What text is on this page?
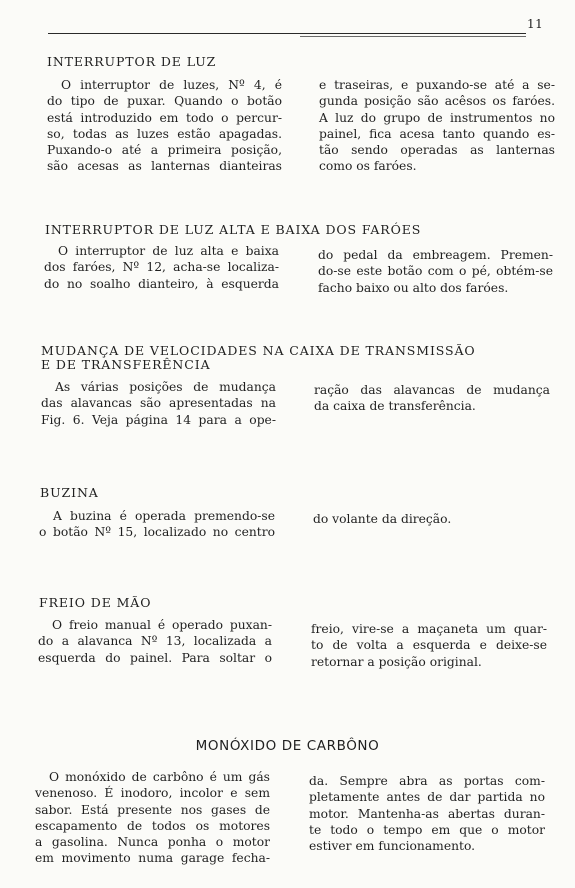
11
INTERRUPTOR DE LUZ
O interruptor de luzes, Nº 4, é
do tipo de puxar. Quando o botão
está introduzido em todo o percur-
so, todas as luzes estão apagadas.
Puxando-o até a primeira posição,
são acesas as lanternas dianteiras
e traseiras, e puxando-se até a se-
gunda posição são acêsos os faróes.
A luz do grupo de instrumentos no
painel, fica acesa tanto quando es-
tão sendo operadas as lanternas
como os faróes.
INTERRUPTOR DE LUZ ALTA E BAIXA DOS FARÓES
O interruptor de luz alta e baixa
dos faróes, Nº 12, acha-se localiza-
do no soalho dianteiro, à esquerda
do pedal da embreagem. Premen-
do-se este botão com o pé, obtém-se
facho baixo ou alto dos faróes.
MUDANÇA DE VELOCIDADES NA CAIXA DE TRANSMISSÃO
E DE TRANSFERÊNCIA
As várias posições de mudança
das alavancas são apresentadas na
Fig. 6. Veja página 14 para a ope-
ração das alavancas de mudança
da caixa de transferência.
BUZINA
A buzina é operada premendo-se
o botão Nº 15, localizado no centro
do volante da direção.
FREIO DE MÃO
O freio manual é operado puxan-
do a alavanca Nº 13, localizada a
esquerda do painel. Para soltar o
freio, vire-se a maçaneta um quar-
to de volta a esquerda e deixe-se
retornar a posição original.
MONÓXIDO DE CARBÔNO
O monóxido de carbôno é um gás
venenoso. É inodoro, incolor e sem
sabor. Está presente nos gases de
escapamento de todos os motores
a gasolina. Nunca ponha o motor
em movimento numa garage fecha-
da. Sempre abra as portas com-
pletamente antes de dar partida no
motor. Mantenha-as abertas duran-
te todo o tempo em que o motor
estiver em funcionamento.
